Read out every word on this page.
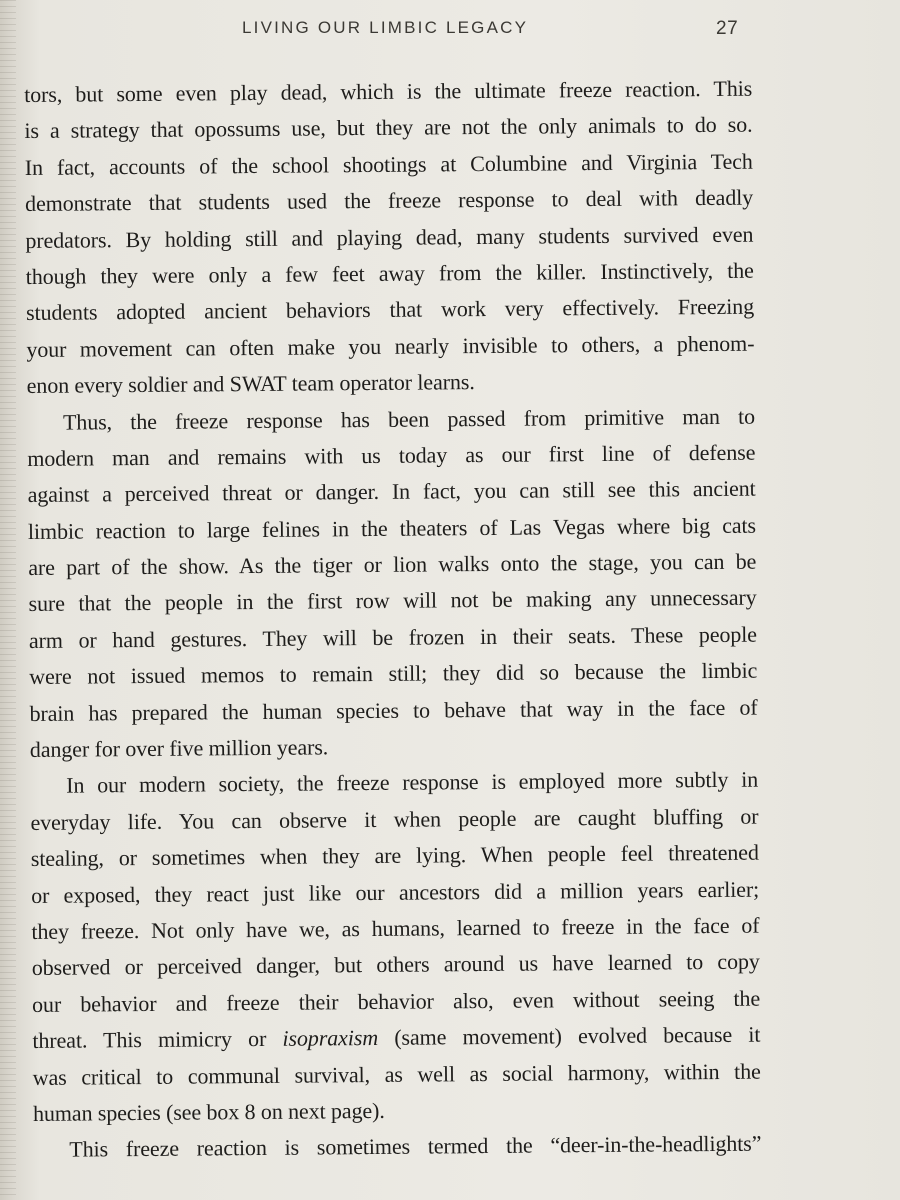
LIVING OUR LIMBIC LEGACY	27
tors, but some even play dead, which is the ultimate freeze reaction. This
is a strategy that opossums use, but they are not the only animals to do so.
In fact, accounts of the school shootings at Columbine and Virginia Tech
demonstrate that students used the freeze response to deal with deadly
predators. By holding still and playing dead, many students survived even
though they were only a few feet away from the killer. Instinctively, the
students adopted ancient behaviors that work very effectively. Freezing
your movement can often make you nearly invisible to others, a phenom-
enon every soldier and SWAT team operator learns.
Thus, the freeze response has been passed from primitive man to
modern man and remains with us today as our first line of defense
against a perceived threat or danger. In fact, you can still see this ancient
limbic reaction to large felines in the theaters of Las Vegas where big cats
are part of the show. As the tiger or lion walks onto the stage, you can be
sure that the people in the first row will not be making any unnecessary
arm or hand gestures. They will be frozen in their seats. These people
were not issued memos to remain still; they did so because the limbic
brain has prepared the human species to behave that way in the face of
danger for over five million years.
In our modern society, the freeze response is employed more subtly in
everyday life. You can observe it when people are caught bluffing or
stealing, or sometimes when they are lying. When people feel threatened
or exposed, they react just like our ancestors did a million years earlier;
they freeze. Not only have we, as humans, learned to freeze in the face of
observed or perceived danger, but others around us have learned to copy
our behavior and freeze their behavior also, even without seeing the
threat. This mimicry or isopraxism (same movement) evolved because it
was critical to communal survival, as well as social harmony, within the
human species (see box 8 on next page).
This freeze reaction is sometimes termed the “deer-in-the-headlights”
